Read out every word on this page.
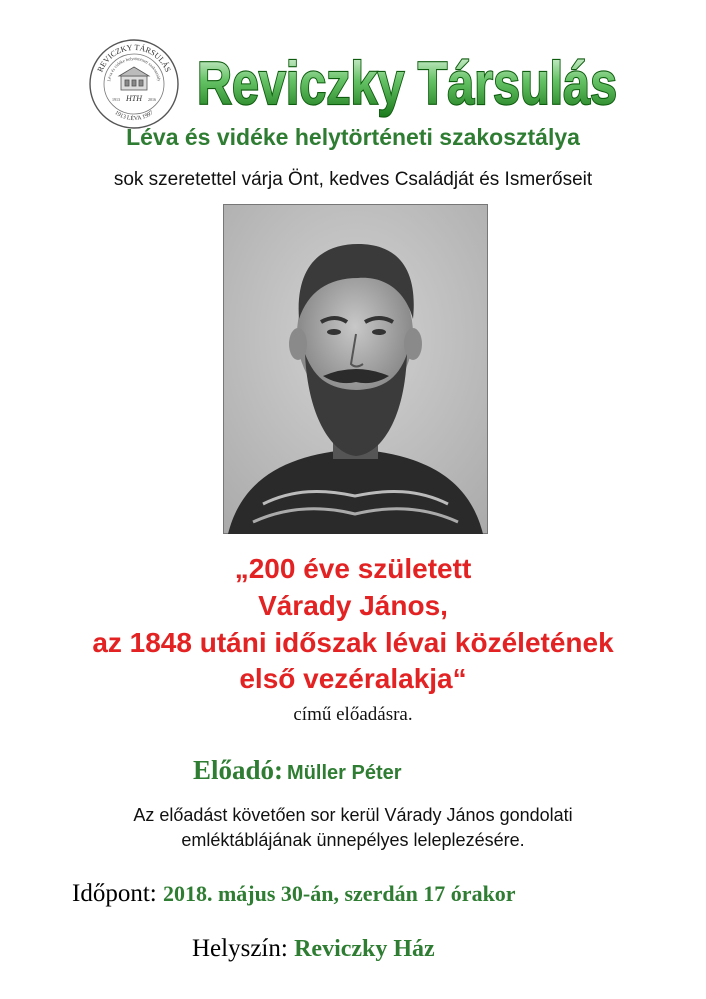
REVICZKY TÁRSULÁS
Léva és vidéke helytörténeti szakosztály
1913 LÉVA 1997
HTH
1913	2016 Reviczky Társulás
Léva és vidéke helytörténeti szakosztálya
sok szeretettel várja Önt, kedves Családját és Ismerőseit
„200 éve született
Várady János,
az 1848 utáni időszak lévai közéletének
első vezéralakja“
című előadásra.
Előadó: Müller Péter
Az előadást követően sor kerül Várady János gondolati
emléktáblájának ünnepélyes leleplezésére.
Időpont: 2018. május 30-án, szerdán 17 órakor
Helyszín: Reviczky Ház
